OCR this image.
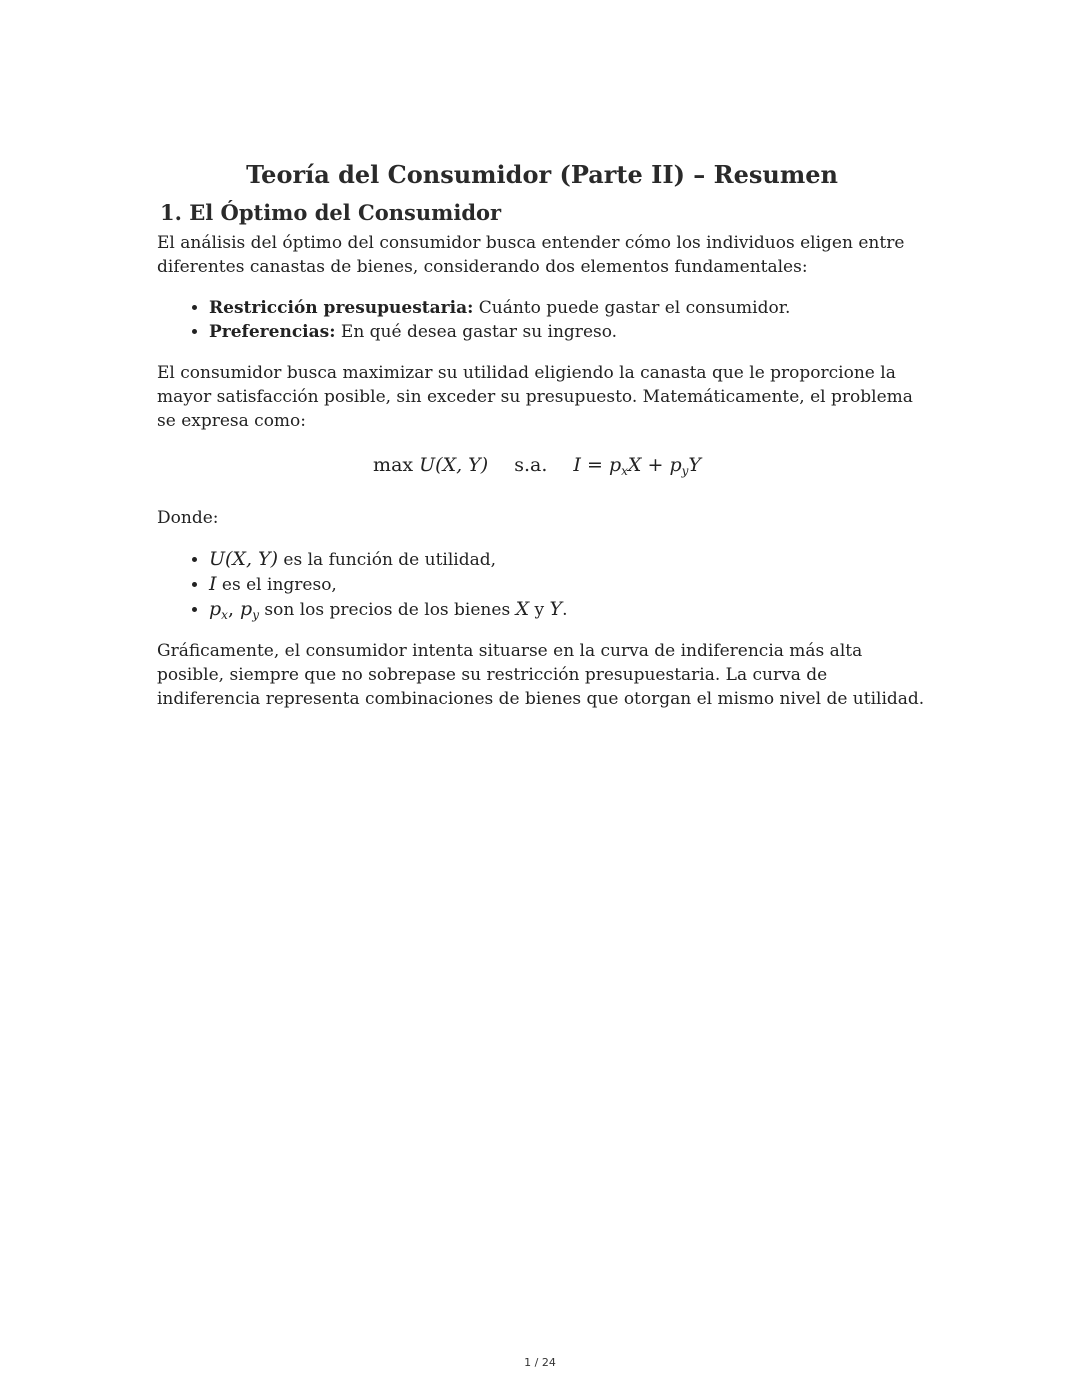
Teoría del Consumidor (Parte II) – Resumen
1. El Óptimo del Consumidor

El análisis del óptimo del consumidor busca entender cómo los individuos eligen entre diferentes canastas de bienes, considerando dos elementos fundamentales:

• Restricción presupuestaria: Cuánto puede gastar el consumidor.
• Preferencias: En qué desea gastar su ingreso.

El consumidor busca maximizar su utilidad eligiendo la canasta que le proporcione la mayor satisfacción posible, sin exceder su presupuesto. Matemáticamente, el problema se expresa como:

max U(X, Y) s.a. $I = p_xX + p_yY$

Donde:

• U(X, Y) es la función de utilidad,
• I es el ingreso,
• $p_x$, $p_y$ son los precios de los bienes X y Y.

Gráficamente, el consumidor intenta situarse en la curva de indiferencia más alta posible, siempre que no sobrepase su restricción presupuestaria. La curva de indiferencia representa combinaciones de bienes que otorgan el mismo nivel de utilidad.

1 / 24
